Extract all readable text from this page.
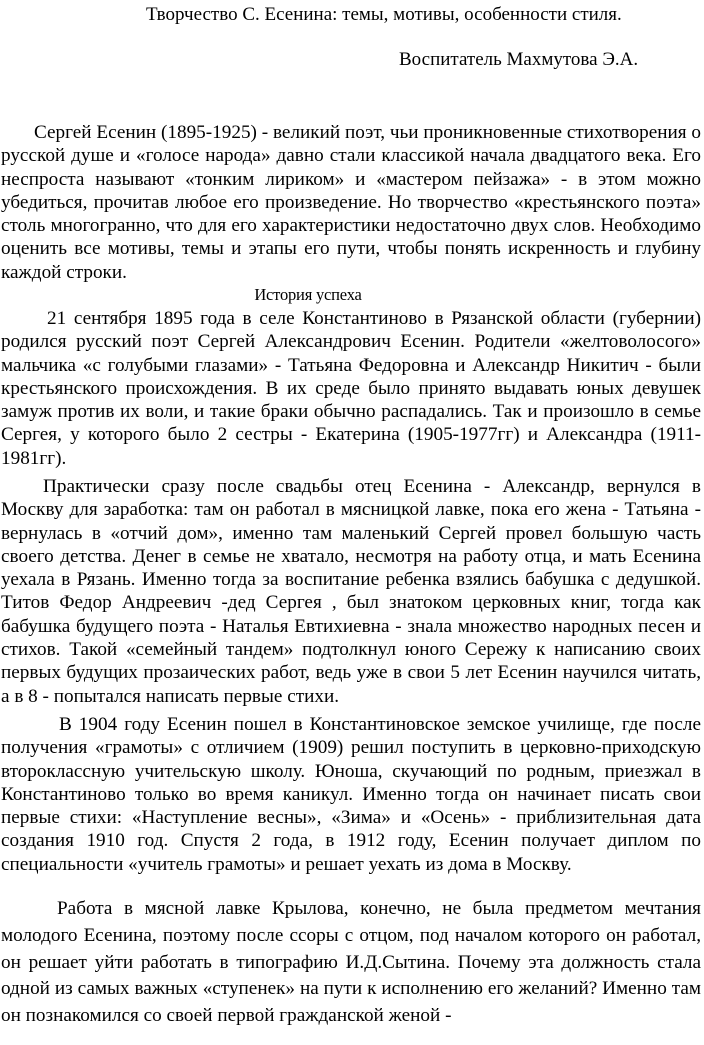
Творчество С. Есенина: темы, мотивы, особенности стиля.
Воспитатель Махмутова Э.А.

Сергей Есенин (1895-1925) - великий поэт, чьи проникновенные стихотворения о русской душе и «голосе народа» давно стали классикой начала двадцатого века. Его неспроста называют «тонким лириком» и «мастером пейзажа» - в этом можно убедиться, прочитав любое его произведение. Но творчество «крестьянского поэта» столь многогранно, что для его характеристики недостаточно двух слов. Необходимо оценить все мотивы, темы и этапы его пути, чтобы понять искренность и глубину каждой строки.

История успеха

21 сентября 1895 года в селе Константиново в Рязанской области (губернии) родился русский поэт Сергей Александрович Есенин. Родители «желтоволосого» мальчика «с голубыми глазами» - Татьяна Федоровна и Александр Никитич - были крестьянского происхождения. В их среде было принято выдавать юных девушек замуж против их воли, и такие браки обычно распадались. Так и произошло в семье Сергея, у которого было 2 сестры - Екатерина (1905-1977гг) и Александра (1911-1981гг).

Практически сразу после свадьбы отец Есенина - Александр, вернулся в Москву для заработка: там он работал в мясницкой лавке, пока его жена - Татьяна - вернулась в «отчий дом», именно там маленький Сергей провел большую часть своего детства. Денег в семье не хватало, несмотря на работу отца, и мать Есенина уехала в Рязань. Именно тогда за воспитание ребенка взялись бабушка с дедушкой. Титов Федор Андреевич -дед Сергея , был знатоком церковных книг, тогда как бабушка будущего поэта - Наталья Евтихиевна - знала множество народных песен и стихов. Такой «семейный тандем» подтолкнул юного Сережу к написанию своих первых будущих прозаических работ, ведь уже в свои 5 лет Есенин научился читать, а в 8 - попытался написать первые стихи.

В 1904 году Есенин пошел в Константиновское земское училище, где после получения «грамоты» с отличием (1909) решил поступить в церковно-приходскую второклассную учительскую школу. Юноша, скучающий по родным, приезжал в Константиново только во время каникул. Именно тогда он начинает писать свои первые стихи: «Наступление весны», «Зима» и «Осень» - приблизительная дата создания 1910 год. Спустя 2 года, в 1912 году, Есенин получает диплом по специальности «учитель грамоты» и решает уехать из дома в Москву.

Работа в мясной лавке Крылова, конечно, не была предметом мечтания молодого Есенина, поэтому после ссоры с отцом, под началом которого он работал, он решает уйти работать в типографию И.Д.Сытина. Почему эта должность стала одной из самых важных «ступенек» на пути к исполнению его желаний? Именно там он познакомился со своей первой гражданской женой -
